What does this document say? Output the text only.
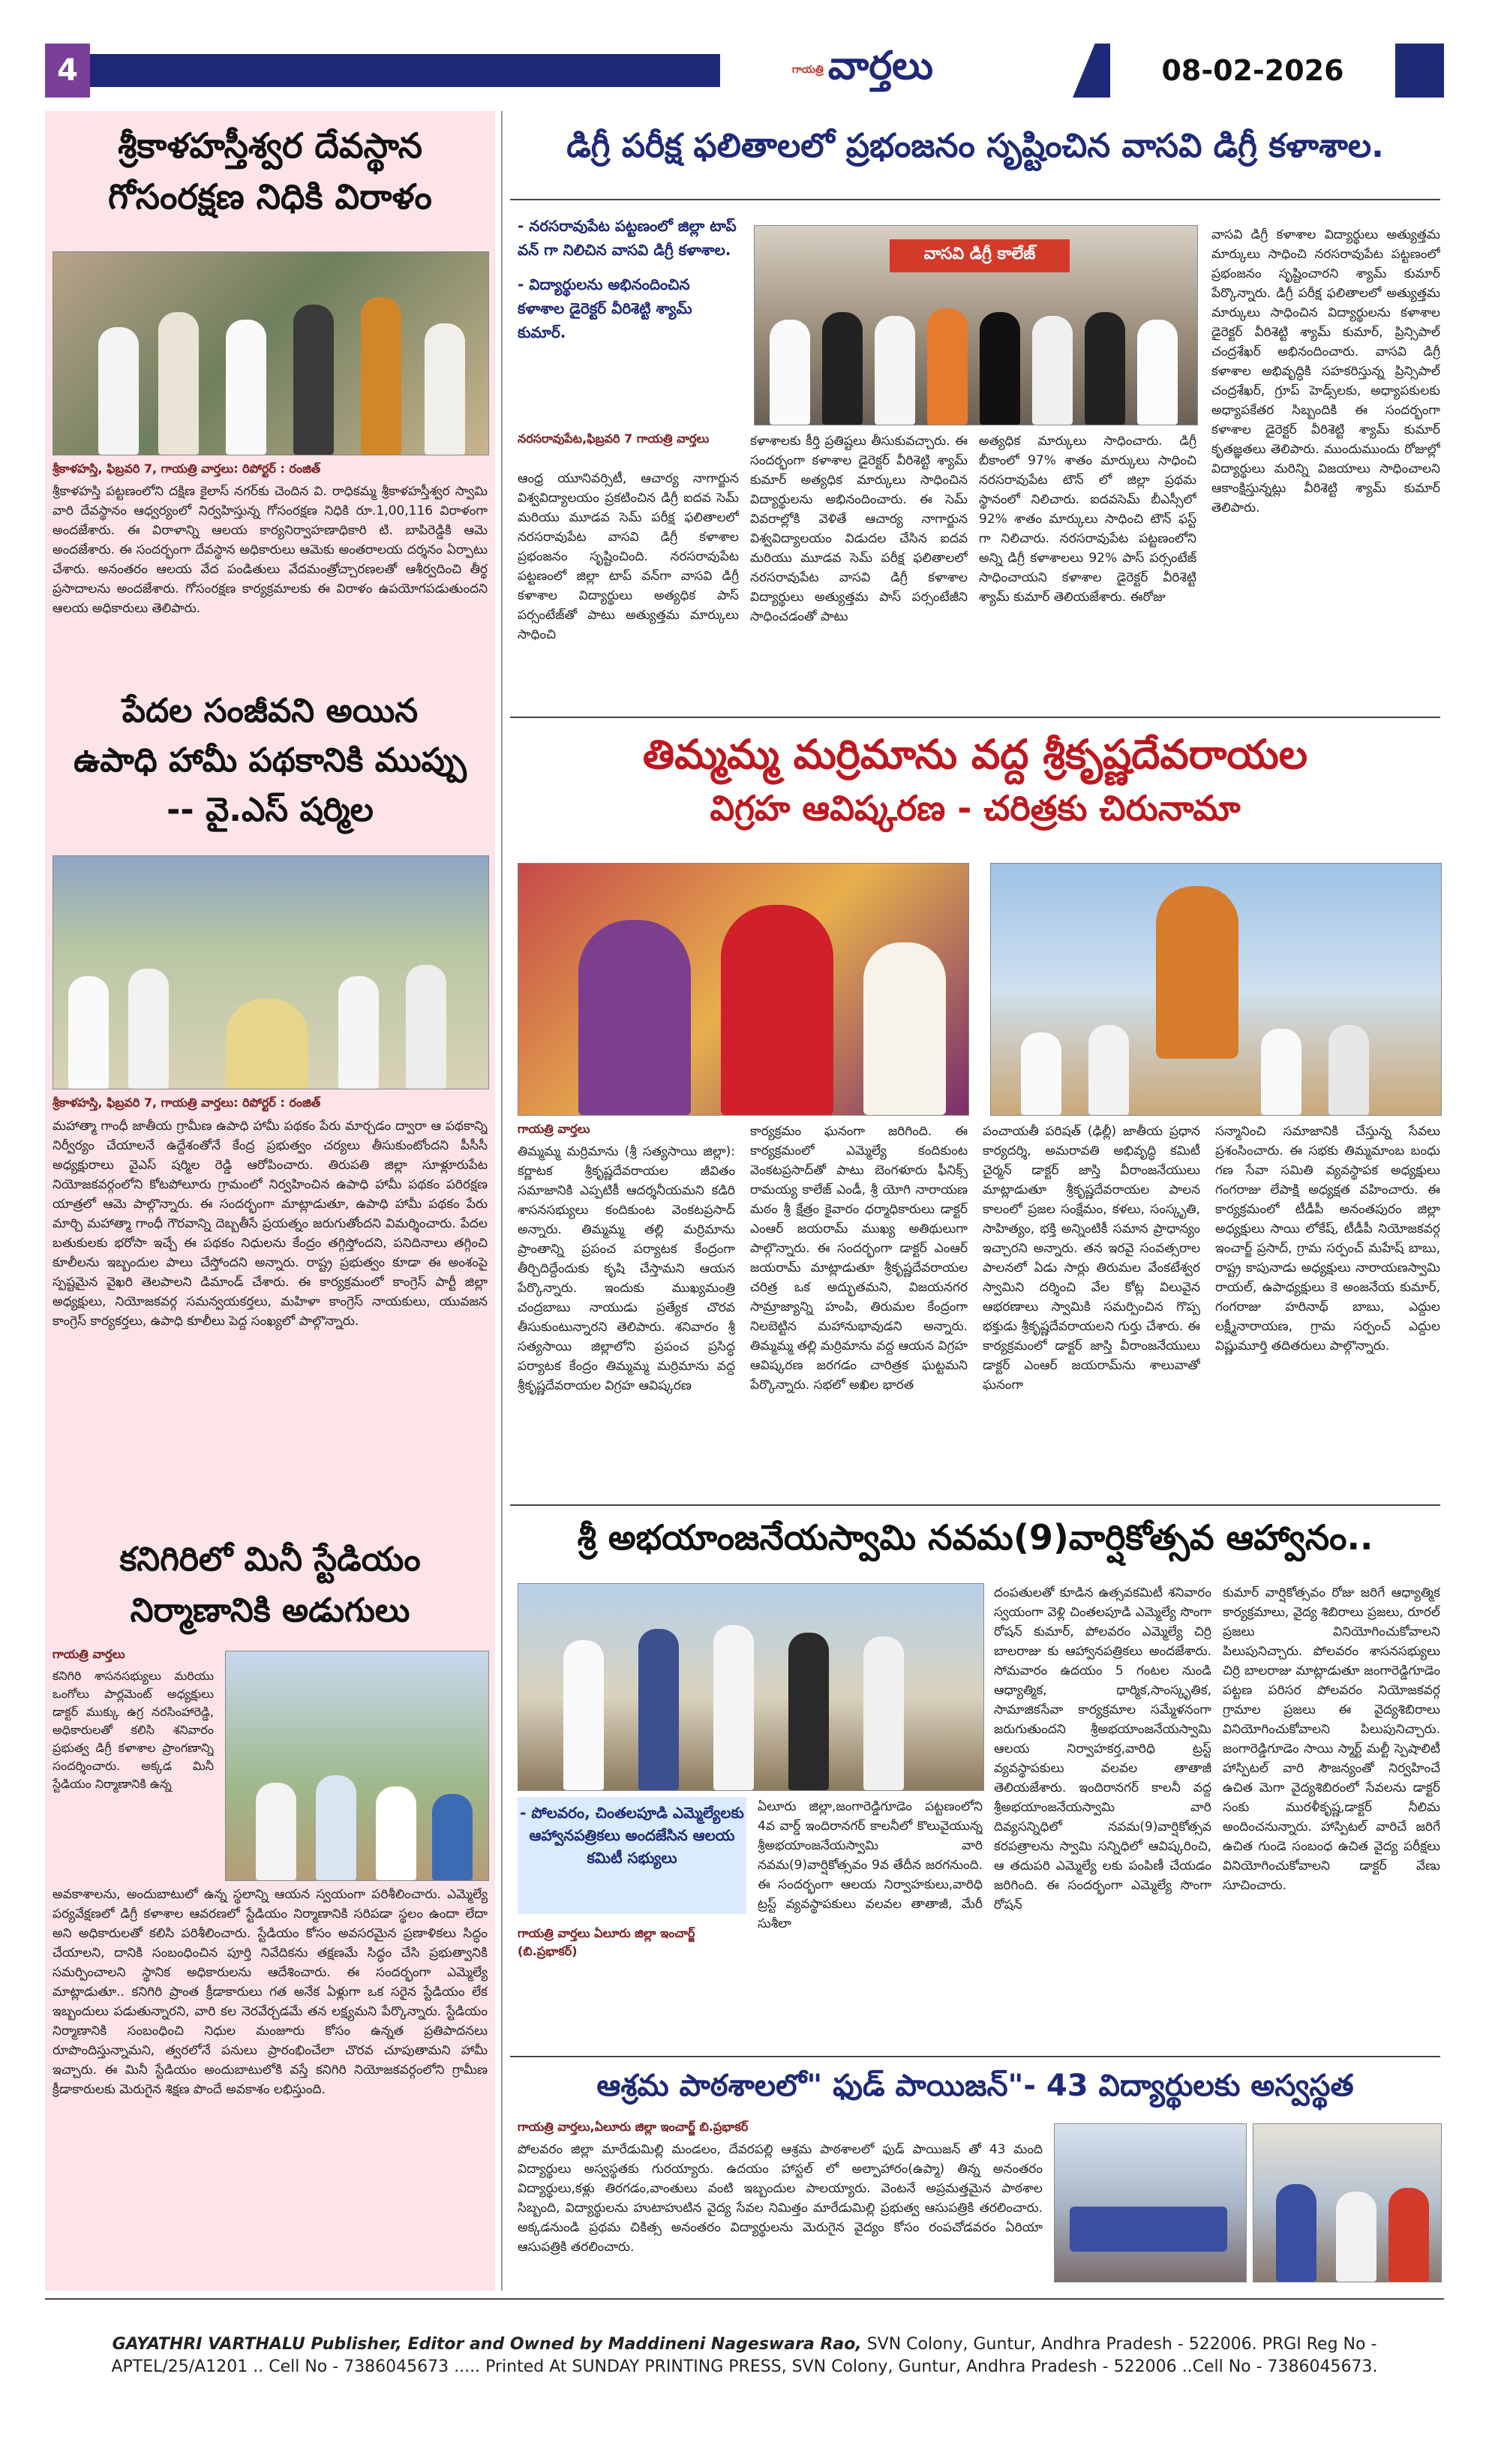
4	గాయత్రి వార్తలు	08-02-2026
శ్రీకాళహస్తీశ్వర దేవస్థాన
గోసంరక్షణ నిధికి విరాళం
శ్రీకాళహస్తి, ఫిబ్రవరి 7, గాయత్రి వార్తలు: రిపోర్టర్ : రంజిత్
శ్రీకాళహస్తి పట్టణంలోని దక్షిణ కైలాస్ నగర్‌కు చెందిన వి. రాధికమ్మ శ్రీకాళహస్తీశ్వర స్వామి వారి దేవస్థానం ఆధ్వర్యంలో నిర్వహిస్తున్న గోసంరక్షణ నిధికి రూ.1,00,116 విరాళంగా అందజేశారు. ఈ విరాళాన్ని ఆలయ కార్యనిర్వాహణాధికారి టి. బాపిరెడ్డికి ఆమె అందజేశారు. ఈ సందర్భంగా దేవస్థాన అధికారులు ఆమెకు అంతరాలయ దర్శనం ఏర్పాటు చేశారు. అనంతరం ఆలయ వేద పండితులు వేదమంత్రోచ్చారణలతో ఆశీర్వదించి తీర్థ ప్రసాదాలను అందజేశారు. గోసంరక్షణ కార్యక్రమాలకు ఈ విరాళం ఉపయోగపడుతుందని ఆలయ అధికారులు తెలిపారు.
పేదల సంజీవని అయిన
ఉపాధి హామీ పథకానికి ముప్పు
-- వై.ఎస్ షర్మిల
శ్రీకాళహస్తి, ఫిబ్రవరి 7, గాయత్రి వార్తలు: రిపోర్టర్ : రంజిత్
మహాత్మా గాంధీ జాతీయ గ్రామీణ ఉపాధి హామీ పథకం పేరు మార్చడం ద్వారా ఆ పథకాన్ని నిర్వీర్యం చేయాలనే ఉద్దేశంతోనే కేంద్ర ప్రభుత్వం చర్యలు తీసుకుంటోందని పీసీసీ అధ్యక్షురాలు వైఎస్ షర్మిల రెడ్డి ఆరోపించారు. తిరుపతి జిల్లా సూళ్లూరుపేట నియోజకవర్గంలోని కోటపోలూరు గ్రామంలో నిర్వహించిన ఉపాధి హామీ పథకం పరిరక్షణ యాత్రలో ఆమె పాల్గొన్నారు. ఈ సందర్భంగా మాట్లాడుతూ, ఉపాధి హామీ పథకం పేరు మార్చి మహాత్మా గాంధీ గౌరవాన్ని దెబ్బతీసే ప్రయత్నం జరుగుతోందని విమర్శించారు. పేదల బతుకులకు భరోసా ఇచ్చే ఈ పథకం నిధులను కేంద్రం తగ్గిస్తోందని, పనిదినాలు తగ్గించి కూలీలను ఇబ్బందుల పాలు చేస్తోందని అన్నారు. రాష్ట్ర ప్రభుత్వం కూడా ఈ అంశంపై స్పష్టమైన వైఖరి తెలపాలని డిమాండ్ చేశారు. ఈ కార్యక్రమంలో కాంగ్రెస్ పార్టీ జిల్లా అధ్యక్షులు, నియోజకవర్గ సమన్వయకర్తలు, మహిళా కాంగ్రెస్ నాయకులు, యువజన కాంగ్రెస్ కార్యకర్తలు, ఉపాధి కూలీలు పెద్ద సంఖ్యలో పాల్గొన్నారు.
కనిగిరిలో మినీ స్టేడియం
నిర్మాణానికి అడుగులు
గాయత్రి వార్తలు
కనిగిరి శాసనసభ్యులు మరియు ఒంగోలు పార్లమెంట్ అధ్యక్షులు డాక్టర్ ముక్కు ఉగ్ర నరసింహారెడ్డి, అధికారులతో కలిసి శనివారం ప్రభుత్వ డిగ్రీ కళాశాల ప్రాంగణాన్ని సందర్శించారు. అక్కడ మినీ స్టేడియం నిర్మాణానికి ఉన్న
అవకాశాలను, అందుబాటులో ఉన్న స్థలాన్ని ఆయన స్వయంగా పరిశీలించారు. ఎమ్మెల్యే పర్యవేక్షణలో డిగ్రీ కళాశాల ఆవరణలో స్టేడియం నిర్మాణానికి సరిపడా స్థలం ఉందా లేదా అని అధికారులతో కలిసి పరిశీలించారు. స్టేడియం కోసం అవసరమైన ప్రణాళికలు సిద్ధం చేయాలని, దానికి సంబంధించిన పూర్తి నివేదికను తక్షణమే సిద్ధం చేసి ప్రభుత్వానికి సమర్పించాలని స్థానిక అధికారులను ఆదేశించారు. ఈ సందర్భంగా ఎమ్మెల్యే మాట్లాడుతూ.. కనిగిరి ప్రాంత క్రీడాకారులు గత అనేక ఏళ్లుగా ఒక సరైన స్టేడియం లేక ఇబ్బందులు పడుతున్నారని, వారి కల నెరవేర్చడమే తన లక్ష్యమని పేర్కొన్నారు. స్టేడియం నిర్మాణానికి సంబంధించి నిధుల మంజూరు కోసం ఉన్నత ప్రతిపాదనలు రూపొందిస్తున్నామని, త్వరలోనే పనులు ప్రారంభించేలా చొరవ చూపుతామని హామీ ఇచ్చారు. ఈ మినీ స్టేడియం అందుబాటులోకి వస్తే కనిగిరి నియోజకవర్గంలోని గ్రామీణ క్రీడాకారులకు మెరుగైన శిక్షణ పొందే అవకాశం లభిస్తుంది.
డిగ్రీ పరీక్ష ఫలితాలలో ప్రభంజనం సృష్టించిన వాసవి డిగ్రీ కళాశాల.
- నరసరావుపేట పట్టణంలో జిల్లా టాప్ వన్ గా నిలిచిన వాసవి డిగ్రీ కళాశాల.
- విద్యార్థులను అభినందించిన కళాశాల డైరెక్టర్ వీరిశెట్టి శ్యామ్ కుమార్.
వాసవి డిగ్రీ కాలేజ్
నరసరావుపేట,ఫిబ్రవరి 7 గాయత్రి వార్తలు
ఆంధ్ర యూనివర్సిటీ, ఆచార్య నాగార్జున విశ్వవిద్యాలయం ప్రకటించిన డిగ్రీ ఐదవ సెమ్ మరియు మూడవ సెమ్ పరీక్ష ఫలితాలలో నరసరావుపేట వాసవి డిగ్రీ కళాశాల ప్రభంజనం సృష్టించింది. నరసరావుపేట పట్టణంలో జిల్లా టాప్ వన్‌గా వాసవి డిగ్రీ కళాశాల విద్యార్థులు అత్యధిక పాస్ పర్సంటేజ్‌తో పాటు అత్యుత్తమ మార్కులు సాధించి
కళాశాలకు కీర్తి ప్రతిష్టలు తీసుకువచ్చారు. ఈ సందర్భంగా కళాశాల డైరెక్టర్ వీరిశెట్టి శ్యామ్ కుమార్ అత్యధిక మార్కులు సాధించిన విద్యార్థులను అభినందించారు. ఈ సెమ్ వివరాల్లోకి వెళితే ఆచార్య నాగార్జున విశ్వవిద్యాలయం విడుదల చేసిన ఐదవ మరియు మూడవ సెమ్ పరీక్ష ఫలితాలలో నరసరావుపేట వాసవి డిగ్రీ కళాశాల విద్యార్థులు అత్యుత్తమ పాస్ పర్సంటేజీని సాధించడంతో పాటు
అత్యధిక మార్కులు సాధించారు. డిగ్రీ బీకాంలో 97% శాతం మార్కులు సాధించి నరసరావుపేట టౌన్ లో జిల్లా ప్రథమ స్థానంలో నిలిచారు. ఐదవసెమ్ బీఎస్సీలో 92% శాతం మార్కులు సాధించి టౌన్ ఫస్ట్ గా నిలిచారు. నరసరావుపేట పట్టణంలోని అన్ని డిగ్రీ కళాశాలలు 92% పాస్ పర్సంటేజ్ సాధించాయని కళాశాల డైరెక్టర్ వీరిశెట్టి శ్యామ్ కుమార్ తెలియజేశారు. ఈరోజు
వాసవి డిగ్రీ కళాశాల విద్యార్థులు అత్యుత్తమ మార్కులు సాధించి నరసరావుపేట పట్టణంలో ప్రభంజనం సృష్టించారని శ్యామ్ కుమార్ పేర్కొన్నారు. డిగ్రీ పరీక్ష ఫలితాలలో అత్యుత్తమ మార్కులు సాధించిన విద్యార్థులను కళాశాల డైరెక్టర్ వీరిశెట్టి శ్యామ్ కుమార్, ప్రిన్సిపాల్ చంద్రశేఖర్ అభినందించారు. వాసవి డిగ్రీ కళాశాల అభివృద్ధికి సహకరిస్తున్న ప్రిన్సిపాల్ చంద్రశేఖర్, గ్రూప్ హెడ్స్‌లకు, అధ్యాపకులకు అధ్యాపకేతర సిబ్బందికి ఈ సందర్భంగా కళాశాల డైరెక్టర్ వీరిశెట్టి శ్యామ్ కుమార్ కృతజ్ఞతలు తెలిపారు. ముందుముందు రోజుల్లో విద్యార్థులు మరిన్ని విజయాలు సాధించాలని ఆకాంక్షిస్తున్నట్లు వీరిశెట్టి శ్యామ్ కుమార్ తెలిపారు.
తిమ్మమ్మ మర్రిమాను వద్ద శ్రీకృష్ణదేవరాయల
విగ్రహ ఆవిష్కరణ - చరిత్రకు చిరునామా
గాయత్రి వార్తలు
తిమ్మమ్మ మర్రిమాను (శ్రీ సత్యసాయి జిల్లా): కర్ణాటక శ్రీకృష్ణదేవరాయల జీవితం సమాజానికి ఎప్పటికీ ఆదర్శనీయమని కడిరి శాసనసభ్యులు కందికుంట వెంకటప్రసాద్ అన్నారు. తిమ్మమ్మ తల్లి మర్రిమాను ప్రాంతాన్ని ప్రపంచ పర్యాటక కేంద్రంగా తీర్చిదిద్దేందుకు కృషి చేస్తామని ఆయన పేర్కొన్నారు. ఇందుకు ముఖ్యమంత్రి చంద్రబాబు నాయుడు ప్రత్యేక చొరవ తీసుకుంటున్నారని తెలిపారు. శనివారం శ్రీ సత్యసాయి జిల్లాలోని ప్రపంచ ప్రసిద్ధ పర్యాటక కేంద్రం తిమ్మమ్మ మర్రిమాను వద్ద శ్రీకృష్ణదేవరాయల విగ్రహ ఆవిష్కరణ
కార్యక్రమం ఘనంగా జరిగింది. ఈ కార్యక్రమంలో ఎమ్మెల్యే కందికుంట వెంకటప్రసాద్‌తో పాటు బెంగళూరు ఫీనిక్స్ రామయ్య కాలేజ్ ఎండీ, శ్రీ యోగి నారాయణ మఠం శ్రీ క్షేత్రం కైవారం ధర్మాధికారులు డాక్టర్ ఎంఆర్ జయరామ్ ముఖ్య అతిథులుగా పాల్గొన్నారు. ఈ సందర్భంగా డాక్టర్ ఎంఆర్ జయరామ్ మాట్లాడుతూ శ్రీకృష్ణదేవరాయల చరిత్ర ఒక అద్భుతమని, విజయనగర సామ్రాజ్యాన్ని హంపి, తిరుమల కేంద్రంగా నిలబెట్టిన మహానుభావుడని అన్నారు. తిమ్మమ్మ తల్లి మర్రిమాను వద్ద ఆయన విగ్రహ ఆవిష్కరణ జరగడం చారిత్రక ఘట్టమని పేర్కొన్నారు. సభలో అఖిల భారత
పంచాయతీ పరిషత్ (ఢిల్లీ) జాతీయ ప్రధాన కార్యదర్శి, అమరావతి అభివృద్ధి కమిటీ చైర్మన్ డాక్టర్ జాస్తి వీరాంజనేయులు మాట్లాడుతూ శ్రీకృష్ణదేవరాయల పాలన కాలంలో ప్రజల సంక్షేమం, కళలు, సంస్కృతి, సాహిత్యం, భక్తి అన్నింటికీ సమాన ప్రాధాన్యం ఇచ్చారని అన్నారు. తన ఇరవై సంవత్సరాల పాలనలో ఏడు సార్లు తిరుమల వేంకటేశ్వర స్వామిని దర్శించి వేల కోట్ల విలువైన ఆభరణాలు స్వామికి సమర్పించిన గొప్ప భక్తుడు శ్రీకృష్ణదేవరాయలని గుర్తు చేశారు. ఈ కార్యక్రమంలో డాక్టర్ జాస్తి వీరాంజనేయులు డాక్టర్ ఎంఆర్ జయరామ్‌ను శాలువాతో ఘనంగా
సన్మానించి సమాజానికి చేస్తున్న సేవలు ప్రశంసించారు. ఈ సభకు తిమ్మమాంబ బంధు గణ సేవా సమితి వ్యవస్థాపక అధ్యక్షులు గంగరాజు లేపాక్షి అధ్యక్షత వహించారు. ఈ కార్యక్రమంలో టీడీపీ అనంతపురం జిల్లా అధ్యక్షులు సాయి లోకేష్, టీడీపీ నియోజకవర్గ ఇంచార్జ్ ప్రసాద్, గ్రామ సర్పంచ్ మహేష్ బాబు, రాష్ట్ర కాపునాడు అధ్యక్షులు నారాయణస్వామి రాయల్, ఉపాధ్యక్షులు కె అంజనేయ కుమార్, గంగరాజు హరినాథ్ బాబు, ఎద్దుల లక్ష్మీనారాయణ, గ్రామ సర్పంచ్ ఎద్దుల విష్ణుమూర్తి తదితరులు పాల్గొన్నారు.
శ్రీ అభయాంజనేయస్వామి నవమ(9)వార్షికోత్సవ ఆహ్వానం..
- పోలవరం, చింతలపూడి ఎమ్మెల్యేలకు ఆహ్వానపత్రికలు అందజేసిన ఆలయ కమిటీ సభ్యులు
గాయత్రి వార్తలు ఏలూరు జిల్లా ఇంచార్జ్ (బి.ప్రభాకర్)
ఏలూరు జిల్లా,జంగారెడ్డిగూడెం పట్టణంలోని 4వ వార్డ్ ఇందిరానగర్ కాలనీలో కొలువైయున్న శ్రీఅభయాంజనేయస్వామి వారి నవమ(9)వార్షికోత్సవం 9వ తేదీన జరగనుంది. ఈ సందర్భంగా ఆలయ నిర్వాహకులు,వారిధి ట్రస్ట్ వ్యవస్థాపకులు వలవల తాతాజీ, మేరీ సుశీలా
దంపతులతో కూడిన ఉత్సవకమిటీ శనివారం స్వయంగా వెళ్లి చింతలపూడి ఎమ్మెల్యే సొంగా రోషన్ కుమార్, పోలవరం ఎమ్మెల్యే చిర్రి బాలరాజు కు ఆహ్వానపత్రికలు అందజేశారు. సోమవారం ఉదయం 5 గంటల నుండి ఆధ్యాత్మిక, ధార్మిక,సాంస్కృతిక, సామాజికసేవా కార్యక్రమాల సమ్మేళనంగా జరుగుతుందని శ్రీఅభయాంజనేయస్వామి ఆలయ నిర్వాహకర్త,వారిధి ట్రస్ట్ వ్యవస్థాపకులు వలవల తాతాజీ తెలియజేశారు. ఇందిరానగర్ కాలనీ వద్ద శ్రీఅభయాంజనేయస్వామి వారి దివ్యసన్నిధిలో నవమ(9)వార్షికోత్సవ కరపత్రాలను స్వామి సన్నిధిలో ఆవిష్కరించి, ఆ తదుపరి ఎమ్మెల్యే లకు పంపిణీ చేయడం జరిగింది. ఈ సందర్భంగా ఎమ్మెల్యే సొంగా రోషన్
కుమార్ వార్షికోత్సవం రోజు జరిగే ఆధ్యాత్మిక కార్యక్రమాలు, వైద్య శిబిరాలు ప్రజలు, రూరల్ ప్రజలు వినియోగించుకోవాలని పిలుపునిచ్చారు. పోలవరం శాసనసభ్యులు చిర్రి బాలరాజు మాట్లాడుతూ జంగారెడ్డిగూడెం పట్టణ పరిసర పోలవరం నియోజకవర్గ గ్రామాల ప్రజలు ఈ వైద్యశిబిరాలు వినియోగించుకోవాలని పిలుపునిచ్చారు. జంగారెడ్డిగూడెం సాయి స్మార్ట్ మల్టీ స్పెషాలిటీ హాస్పిటల్ వారి సౌజన్యంతో నిర్వహించే ఉచిత మెగా వైద్యశిబిరంలో సేవలను డాక్టర్ సంకు మురళీకృష్ణ,డాక్టర్ నీలిమ అందించనున్నారు. హాస్పిటల్ వారిచే జరిగే ఉచిత గుండె సంబంధ ఉచిత వైద్య పరీక్షలు వినియోగించుకోవాలని డాక్టర్ వేణు సూచించారు.
ఆశ్రమ పాఠశాలలో" ఫుడ్ పాయిజన్"- 43 విద్యార్థులకు అస్వస్థత
గాయత్రి వార్తలు,ఏలూరు జిల్లా ఇంచార్జ్ బి.ప్రభాకర్
పోలవరం జిల్లా మారేడుమిల్లి మండలం, దేవరపల్లి ఆశ్రమ పాఠశాలలో ఫుడ్ పాయిజన్ తో 43 మంది విద్యార్థులు అస్వస్థతకు గురయ్యారు. ఉదయం హాస్టల్ లో అల్పాహారం(ఉప్మా) తిన్న అనంతరం విద్యార్థులు,కళ్లు తిరగడం,వాంతులు వంటి ఇబ్బందుల పాలయ్యారు. వెంటనే అప్రమత్తమైన పాఠశాల సిబ్బంది, విద్యార్థులను హుటాహుటిన వైద్య సేవల నిమిత్తం మారేడుమిల్లి ప్రభుత్వ ఆసుపత్రికి తరలించారు. అక్కడనుండి ప్రథమ చికిత్స అనంతరం విద్యార్థులను మెరుగైన వైద్యం కోసం రంపచోడవరం ఏరియా ఆసుపత్రికి తరలించారు.
GAYATHRI VARTHALU Publisher, Editor and Owned by Maddineni Nageswara Rao, SVN Colony, Guntur, Andhra Pradesh - 522006. PRGI Reg No - APTEL/25/A1201 .. Cell No - 7386045673 ..... Printed At SUNDAY PRINTING PRESS, SVN Colony, Guntur, Andhra Pradesh - 522006 ..Cell No - 7386045673.
